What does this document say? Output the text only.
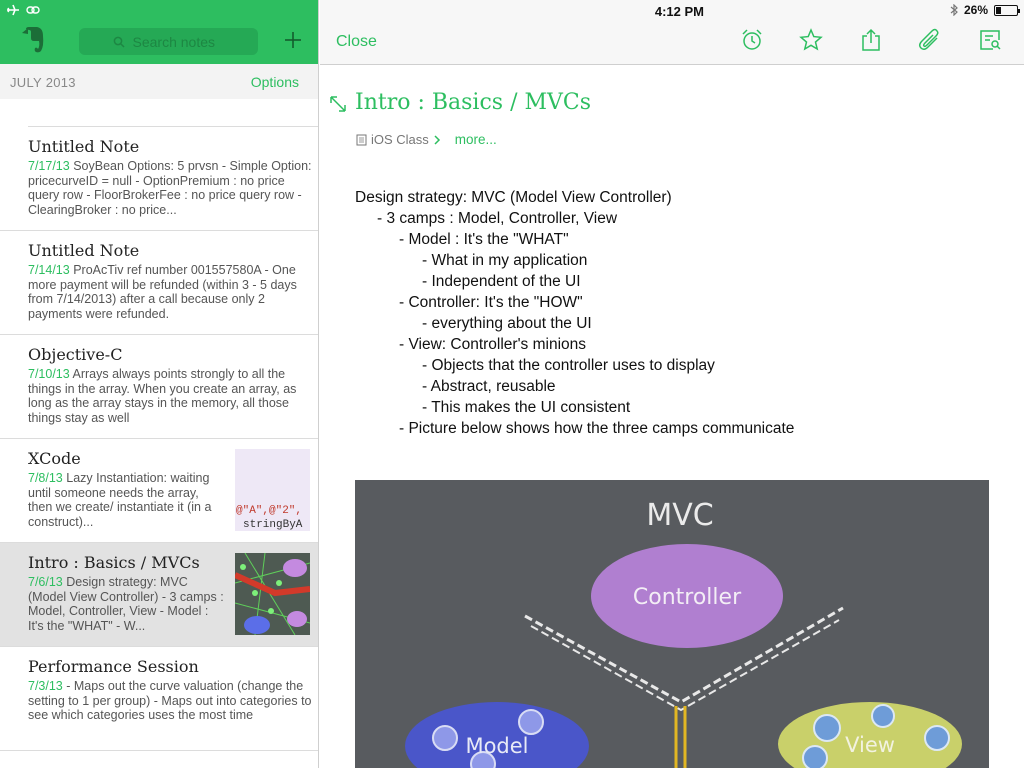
Search notes
JULY 2013	Options
Untitled Note
7/17/13 SoyBean Options: 5 prvsn - Simple Option: pricecurveID = null - OptionPremium : no price query row - FloorBrokerFee : no price query row - ClearingBroker : no price...
Untitled Note
7/14/13 ProAcTiv ref number 001557580A - One more payment will be refunded (within 3 - 5 days from 7/14/2013) after a call because only 2 payments were refunded.
Objective-C
7/10/13 Arrays always points strongly to all the things in the array. When you create an array, as long as the array stays in the memory, all those things stay as well
XCode
7/8/13 Lazy Instantiation: waiting until someone needs the array, then we create/ instantiate it (in a construct)...
@"A",@"2",
stringByA
Intro : Basics / MVCs
7/6/13 Design strategy: MVC (Model View Controller) - 3 camps : Model, Controller, View - Model : It's the "WHAT" - W...
Performance Session
7/3/13 - Maps out the curve valuation (change the setting to 1 per group) - Maps out into categories to see which categories uses the most time
4:12 PM	26%
Close
Intro : Basics / MVCs
iOS Class more...
Design strategy: MVC (Model View Controller)
- 3 camps : Model, Controller, View
- Model : It's the "WHAT"
- What in my application
- Independent of the UI
- Controller: It's the "HOW"
- everything about the UI
- View: Controller's minions
- Objects that the controller uses to display
- Abstract, reusable
- This makes the UI consistent
- Picture below shows how the three camps communicate
MVC
Controller
Model	View
